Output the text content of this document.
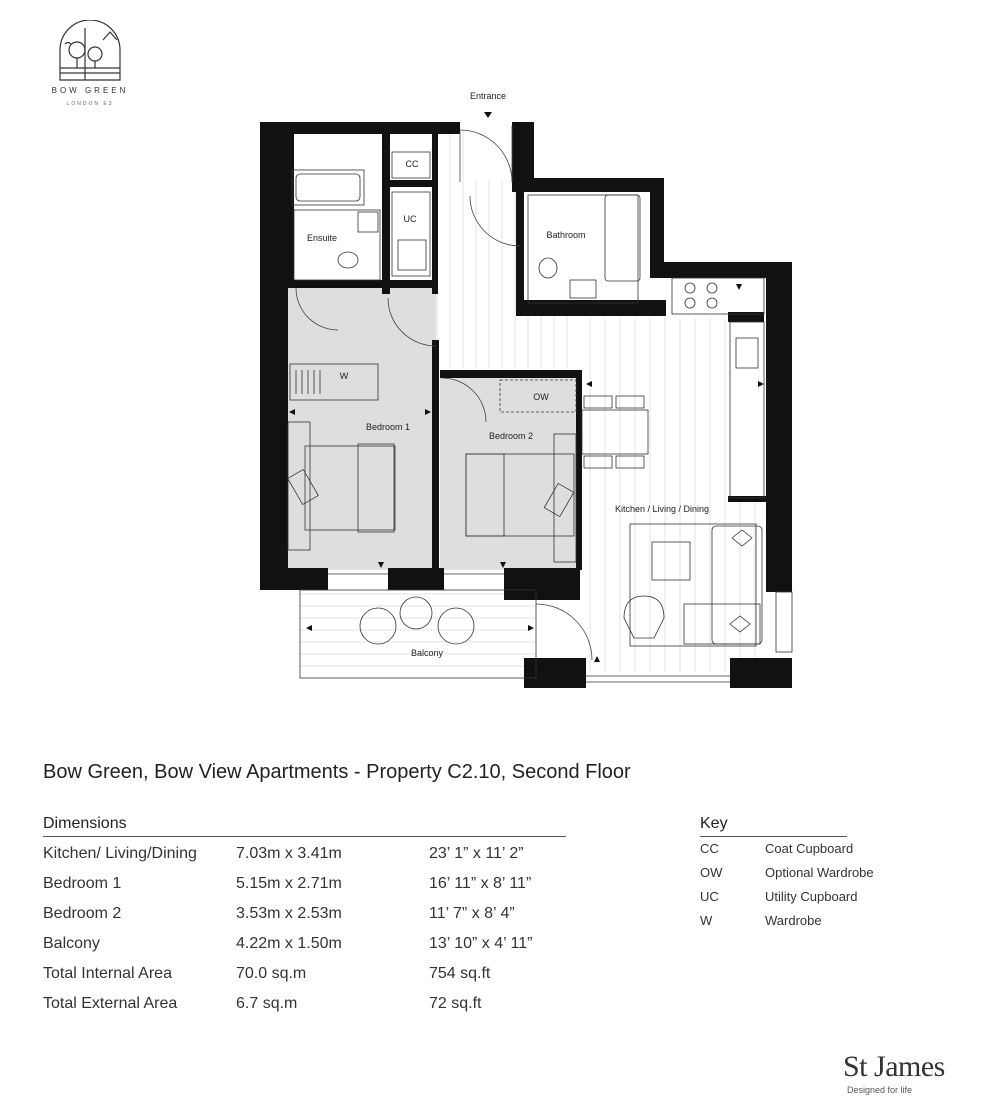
BOW GREEN
LONDON E3
Entrance
CC
UC
Ensuite	Bathroom
W
OW
Bedroom 1
Bedroom 2
Kitchen / Living / Dining
Balcony
Bow Green, Bow View Apartments - Property C2.10, Second Floor
Dimensions
Kitchen/ Living/Dining 7.03m x 3.41m	23’ 1” x 11’ 2”
Bedroom 1	5.15m x 2.71m	16’ 11” x 8’ 11”
Bedroom 2	3.53m x 2.53m	11’ 7” x 8’ 4”
Balcony	4.22m x 1.50m	13’ 10” x 4’ 11”
Total Internal Area	70.0 sq.m	754 sq.ft
Total External Area	6.7 sq.m	72 sq.ft
Key
CC	Coat Cupboard
OW	Optional Wardrobe
UC	Utility Cupboard
W	Wardrobe
St James
Designed for life
